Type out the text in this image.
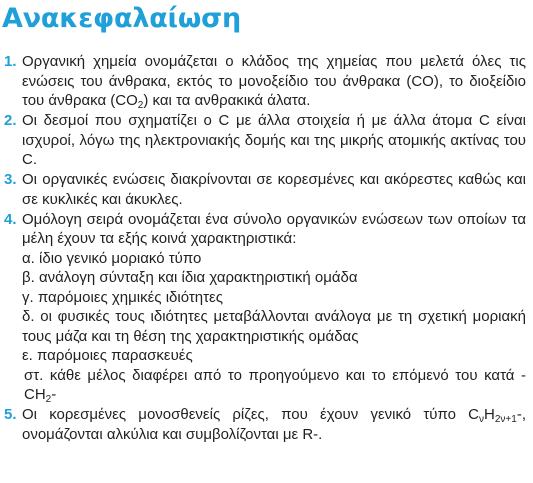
Ανακεφαλαίωση
1. Οργανική χημεία ονομάζεται ο κλάδος της χημείας που μελετά όλες τις ενώσεις του άνθρακα, εκτός το μονοξείδιο του άνθρακα (CO), το διοξείδιο του άνθρακα $(CO_2)$ και τα ανθρακικά άλατα.
2. Οι δεσμοί που σχηματίζει ο C με άλλα στοιχεία ή με άλλα άτομα C είναι ισχυροί, λόγω της ηλεκτρονιακής δομής και της μικρής ατομικής ακτίνας του C.
3. Οι οργανικές ενώσεις διακρίνονται σε κορεσμένες και ακόρεστες καθώς και σε κυκλικές και άκυκλες.
4. Ομόλογη σειρά ονομάζεται ένα σύνολο οργανικών ενώσεων των οποίων τα μέλη έχουν τα εξής κοινά χαρακτηριστικά:
α. ίδιο γενικό μοριακό τύπο
β. ανάλογη σύνταξη και ίδια χαρακτηριστική ομάδα
γ. παρόμοιες χημικές ιδιότητες
δ. οι φυσικές τους ιδιότητες μεταβάλλονται ανάλογα με τη σχετική μοριακή τους μάζα και τη θέση της χαρακτηριστικής ομάδας
ε. παρόμοιες παρασκευές
στ. κάθε μέλος διαφέρει από το προηγούμενο και το επόμενό του κατά $-CH_2-$
5. Οι κορεσμένες μονοσθενείς ρίζες, που έχουν γενικό τύπο $C_\nu H_{2\nu+1}-$, ονομάζονται αλκύλια και συμβολίζονται με R-.
